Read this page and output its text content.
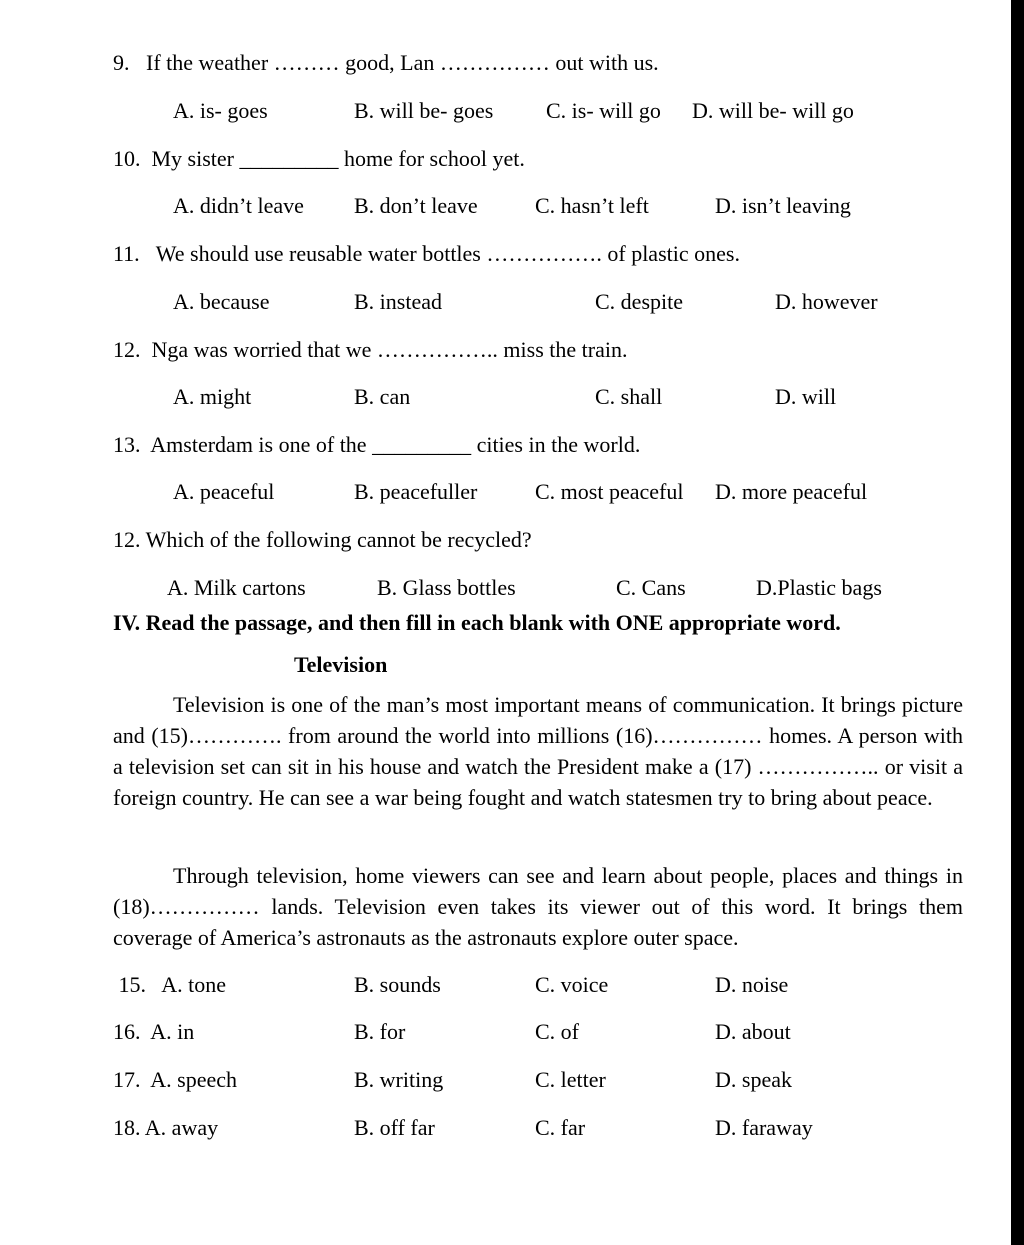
9.   If the weather ……… good, Lan …………… out with us.
A. is- goes	B. will be- goes C. is- will go D. will be- will go
10.  My sister _________ home for school yet.
A. didn’t leave B. don’t leave	C. hasn’t left	D. isn’t leaving
11.   We should use reusable water bottles ……………. of plastic ones.
A. because	B. instead	C. despite	D. however
12.  Nga was worried that we …………….. miss the train.
A. might	B. can	C. shall	D. will
13.  Amsterdam is one of the _________ cities in the world.
A. peaceful	B. peacefuller	C. most peaceful D. more peaceful
12. Which of the following cannot be recycled?
A. Milk cartons	B. Glass bottles	C. Cans	D.Plastic bags
IV. Read the passage, and then fill in each blank with ONE appropriate word.
Television

Television is one of the man’s most important means of communication. It brings picture and (15)…………. from around the world into millions (16)…………… homes. A person with a television set can sit in his house and watch the President make a (17) …………….. or visit a foreign country. He can see a war being fought and watch statesmen try to bring about peace.

Through television, home viewers can see and learn about people, places and things in (18)…………… lands. Television even takes its viewer out of this word. It brings them coverage of America’s astronauts as the astronauts explore outer space.

15.   A. tone	B. sounds	C. voice	D. noise
16.  A. in	B. for	C. of	D. about
17.  A. speech	B. writing	C. letter	D. speak
18. A. away	B. off far	C. far	D. faraway
